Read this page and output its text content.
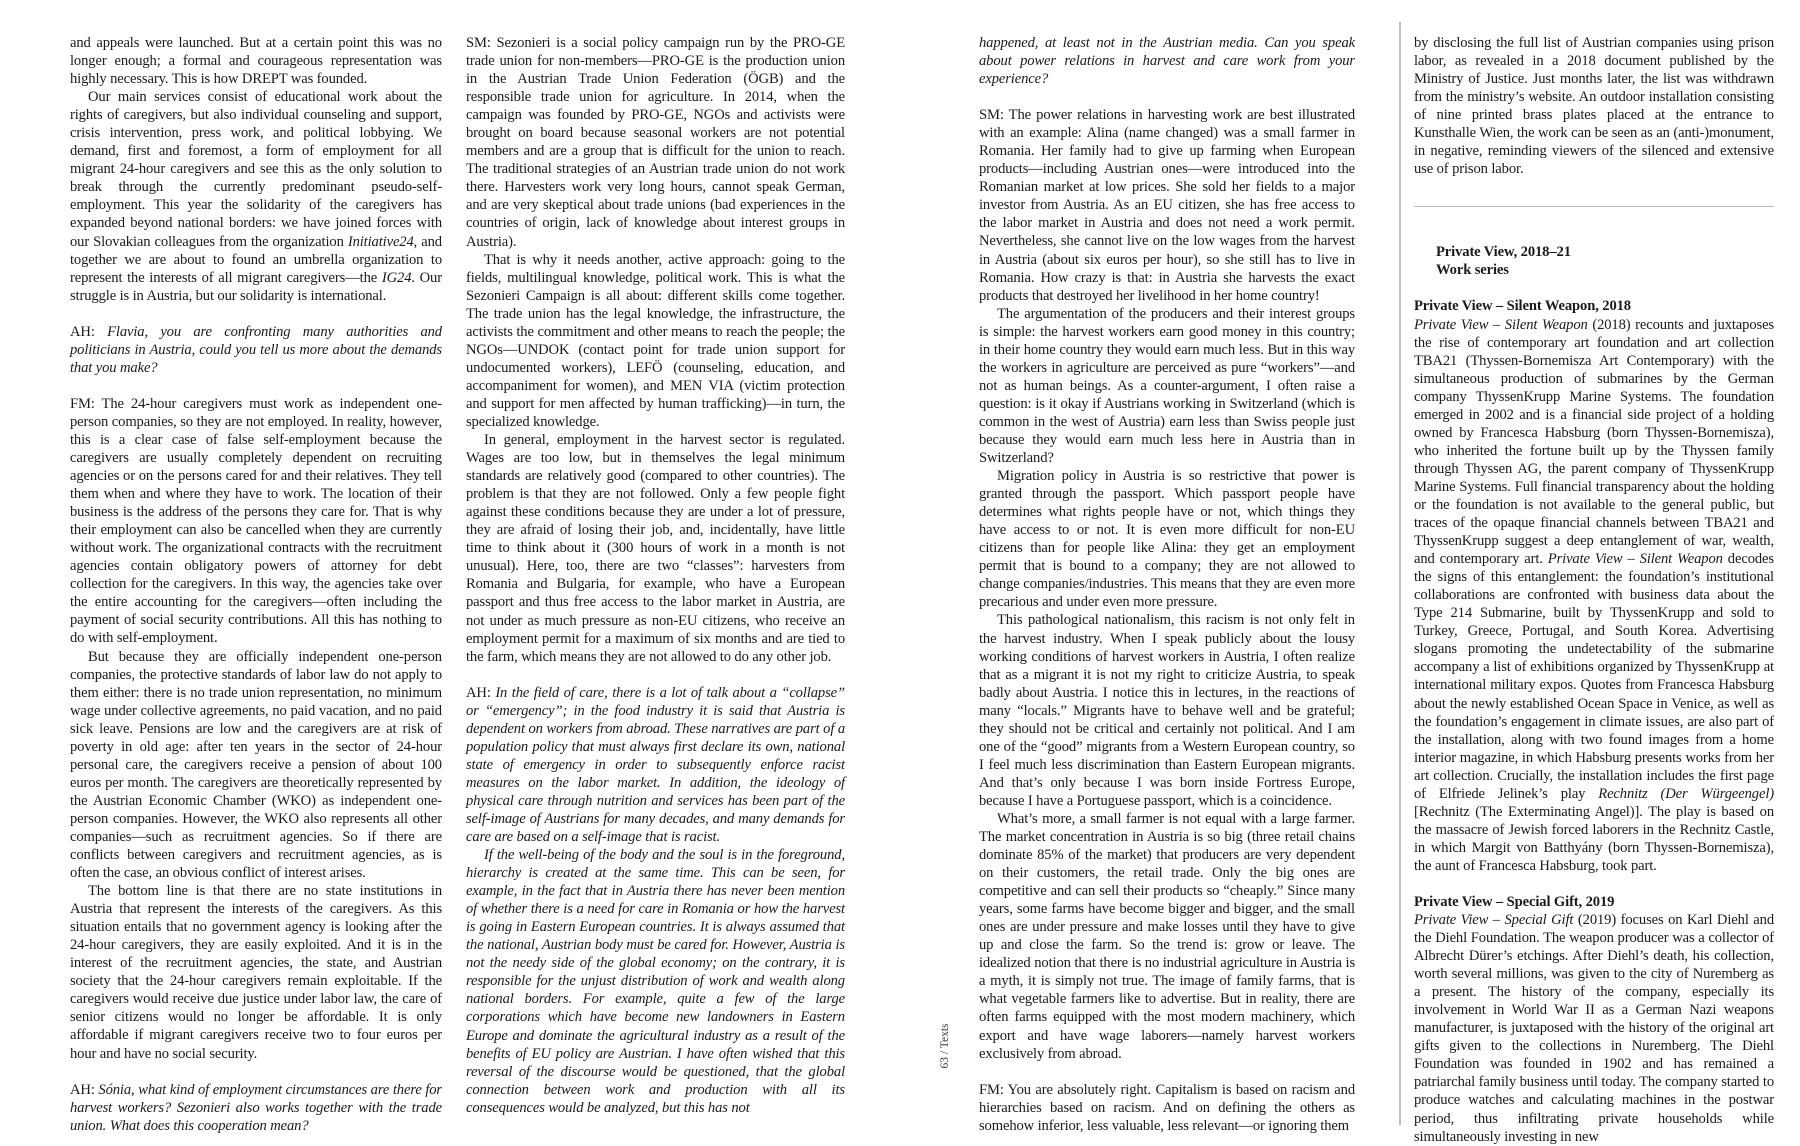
and appeals were launched. But at a certain point this was no longer enough; a formal and courageous representation was highly necessary. This is how DREPT was founded.

Our main services consist of educational work about the rights of caregivers, but also individual counseling and support, crisis intervention, press work, and political lobbying. We demand, first and foremost, a form of employment for all migrant 24-hour caregivers and see this as the only solution to break through the currently predominant pseudo-self-employment. This year the solidarity of the caregivers has expanded beyond national borders: we have joined forces with our Slovakian colleagues from the organization Initiative24, and together we are about to found an umbrella organization to represent the interests of all migrant caregivers—the IG24. Our struggle is in Austria, but our solidarity is international.

AH: Flavia, you are confronting many authorities and politicians in Austria, could you tell us more about the demands that you make?

FM: The 24-hour caregivers must work as independent one-person companies, so they are not employed. In reality, however, this is a clear case of false self-employment because the caregivers are usually completely dependent on recruiting agencies or on the persons cared for and their relatives. They tell them when and where they have to work. The location of their business is the address of the persons they care for. That is why their employment can also be cancelled when they are currently without work. The organizational contracts with the recruitment agencies contain obligatory powers of attorney for debt collection for the caregivers. In this way, the agencies take over the entire accounting for the caregivers—often including the payment of social security contributions. All this has nothing to do with self-employment.

But because they are officially independent one-person companies, the protective standards of labor law do not apply to them either: there is no trade union representation, no minimum wage under collective agreements, no paid vacation, and no paid sick leave. Pensions are low and the caregivers are at risk of poverty in old age: after ten years in the sector of 24-hour personal care, the caregivers receive a pension of about 100 euros per month. The caregivers are theoretically represented by the Austrian Economic Chamber (WKO) as independent one-person companies. However, the WKO also represents all other companies—such as recruitment agencies. So if there are conflicts between caregivers and recruitment agencies, as is often the case, an obvious conflict of interest arises.

The bottom line is that there are no state institutions in Austria that represent the interests of the caregivers. As this situation entails that no government agency is looking after the 24-hour caregivers, they are easily exploited. And it is in the interest of the recruitment agencies, the state, and Austrian society that the 24-hour caregivers remain exploitable. If the caregivers would receive due justice under labor law, the care of senior citizens would no longer be affordable. It is only affordable if migrant caregivers receive two to four euros per hour and have no social security.

AH: Sónia, what kind of employment circumstances are there for harvest workers? Sezonieri also works together with the trade union. What does this cooperation mean?

SM: Sezonieri is a social policy campaign run by the PRO-GE trade union for non-members—PRO-GE is the production union in the Austrian Trade Union Federation (ÖGB) and the responsible trade union for agriculture. In 2014, when the campaign was founded by PRO-GE, NGOs and activists were brought on board because seasonal workers are not potential members and are a group that is difficult for the union to reach. The traditional strategies of an Austrian trade union do not work there. Harvesters work very long hours, cannot speak German, and are very skeptical about trade unions (bad experiences in the countries of origin, lack of knowledge about interest groups in Austria).

That is why it needs another, active approach: going to the fields, multilingual knowledge, political work. This is what the Sezonieri Campaign is all about: different skills come together. The trade union has the legal knowledge, the infrastructure, the activists the commitment and other means to reach the people; the NGOs—UNDOK (contact point for trade union support for undocumented workers), LEFÖ (counseling, education, and accompaniment for women), and MEN VIA (victim protection and support for men affected by human trafficking)—in turn, the specialized knowledge.

In general, employment in the harvest sector is regulated. Wages are too low, but in themselves the legal minimum standards are relatively good (compared to other countries). The problem is that they are not followed. Only a few people fight against these conditions because they are under a lot of pressure, they are afraid of losing their job, and, incidentally, have little time to think about it (300 hours of work in a month is not unusual). Here, too, there are two “classes”: harvesters from Romania and Bulgaria, for example, who have a European passport and thus free access to the labor market in Austria, are not under as much pressure as non-EU citizens, who receive an employment permit for a maximum of six months and are tied to the farm, which means they are not allowed to do any other job.

AH: In the field of care, there is a lot of talk about a “collapse” or “emergency”; in the food industry it is said that Austria is dependent on workers from abroad. These narratives are part of a population policy that must always first declare its own, national state of emergency in order to subsequently enforce racist measures on the labor market. In addition, the ideology of physical care through nutrition and services has been part of the self-image of Austrians for many decades, and many demands for care are based on a self-image that is racist.

If the well-being of the body and the soul is in the foreground, hierarchy is created at the same time. This can be seen, for example, in the fact that in Austria there has never been mention of whether there is a need for care in Romania or how the harvest is going in Eastern European countries. It is always assumed that the national, Austrian body must be cared for. However, Austria is not the needy side of the global economy; on the contrary, it is responsible for the unjust distribution of work and wealth along national borders. For example, quite a few of the large corporations which have become new landowners in Eastern Europe and dominate the agricultural industry as a result of the benefits of EU policy are Austrian. I have often wished that this reversal of the discourse would be questioned, that the global connection between work and production with all its consequences would be analyzed, but this has not

happened, at least not in the Austrian media. Can you speak about power relations in harvest and care work from your experience?

SM: The power relations in harvesting work are best illustrated with an example: Alina (name changed) was a small farmer in Romania. Her family had to give up farming when European products—including Austrian ones—were introduced into the Romanian market at low prices. She sold her fields to a major investor from Austria. As an EU citizen, she has free access to the labor market in Austria and does not need a work permit. Nevertheless, she cannot live on the low wages from the harvest in Austria (about six euros per hour), so she still has to live in Romania. How crazy is that: in Austria she harvests the exact products that destroyed her livelihood in her home country!

The argumentation of the producers and their interest groups is simple: the harvest workers earn good money in this country; in their home country they would earn much less. But in this way the workers in agriculture are perceived as pure “workers”—and not as human beings. As a counter-argument, I often raise a question: is it okay if Austrians working in Switzerland (which is common in the west of Austria) earn less than Swiss people just because they would earn much less here in Austria than in Switzerland?

Migration policy in Austria is so restrictive that power is granted through the passport. Which passport people have determines what rights people have or not, which things they have access to or not. It is even more difficult for non-EU citizens than for people like Alina: they get an employment permit that is bound to a company; they are not allowed to change companies/industries. This means that they are even more precarious and under even more pressure.

This pathological nationalism, this racism is not only felt in the harvest industry. When I speak publicly about the lousy working conditions of harvest workers in Austria, I often realize that as a migrant it is not my right to criticize Austria, to speak badly about Austria. I notice this in lectures, in the reactions of many “locals.” Migrants have to behave well and be grateful; they should not be critical and certainly not political. And I am one of the “good” migrants from a Western European country, so I feel much less discrimination than Eastern European migrants. And that’s only because I was born inside Fortress Europe, because I have a Portuguese passport, which is a coincidence.

What’s more, a small farmer is not equal with a large farmer. The market concentration in Austria is so big (three retail chains dominate 85% of the market) that producers are very dependent on their customers, the retail trade. Only the big ones are competitive and can sell their products so “cheaply.” Since many years, some farms have become bigger and bigger, and the small ones are under pressure and make losses until they have to give up and close the farm. So the trend is: grow or leave. The idealized notion that there is no industrial agriculture in Austria is a myth, it is simply not true. The image of family farms, that is what vegetable farmers like to advertise. But in reality, there are often farms equipped with the most modern machinery, which export and have wage laborers—namely harvest workers exclusively from abroad.

FM: You are absolutely right. Capitalism is based on racism and hierarchies based on racism. And on defining the others as somehow inferior, less valuable, less relevant—or ignoring them

by disclosing the full list of Austrian companies using prison labor, as revealed in a 2018 document published by the Ministry of Justice. Just months later, the list was withdrawn from the ministry’s website. An outdoor installation consisting of nine printed brass plates placed at the entrance to Kunsthalle Wien, the work can be seen as an (anti-)monument, in negative, reminding viewers of the silenced and extensive use of prison labor.

Private View, 2018–21

Work series

Private View – Silent Weapon, 2018

Private View – Silent Weapon (2018) recounts and juxtaposes the rise of contemporary art foundation and art collection TBA21 (Thyssen-Bornemisza Art Contemporary) with the simultaneous production of submarines by the German company ThyssenKrupp Marine Systems. The foundation emerged in 2002 and is a financial side project of a holding owned by Francesca Habsburg (born Thyssen-Bornemisza), who inherited the fortune built up by the Thyssen family through Thyssen AG, the parent company of ThyssenKrupp Marine Systems. Full financial transparency about the holding or the foundation is not available to the general public, but traces of the opaque financial channels between TBA21 and ThyssenKrupp suggest a deep entanglement of war, wealth, and contemporary art. Private View – Silent Weapon decodes the signs of this entanglement: the foundation’s institutional collaborations are confronted with business data about the Type 214 Submarine, built by ThyssenKrupp and sold to Turkey, Greece, Portugal, and South Korea. Advertising slogans promoting the undetectability of the submarine accompany a list of exhibitions organized by ThyssenKrupp at international military expos. Quotes from Francesca Habsburg about the newly established Ocean Space in Venice, as well as the foundation’s engagement in climate issues, are also part of the installation, along with two found images from a home interior magazine, in which Habsburg presents works from her art collection. Crucially, the installation includes the first page of Elfriede Jelinek’s play Rechnitz (Der Würgeengel) [Rechnitz (The Exterminating Angel)]. The play is based on the massacre of Jewish forced laborers in the Rechnitz Castle, in which Margit von Batthyány (born Thyssen-Bornemisza), the aunt of Francesca Habsburg, took part.

Private View – Special Gift, 2019

Private View – Special Gift (2019) focuses on Karl Diehl and the Diehl Foundation. The weapon producer was a collector of Albrecht Dürer’s etchings. After Diehl’s death, his collection, worth several millions, was given to the city of Nuremberg as a present. The history of the company, especially its involvement in World War II as a German Nazi weapons manufacturer, is juxtaposed with the history of the original art gifts given to the collections in Nuremberg. The Diehl Foundation was founded in 1902 and has remained a patriarchal family business until today. The company started to produce watches and calculating machines in the postwar period, thus infiltrating private households while simultaneously investing in new

63 / Texts
